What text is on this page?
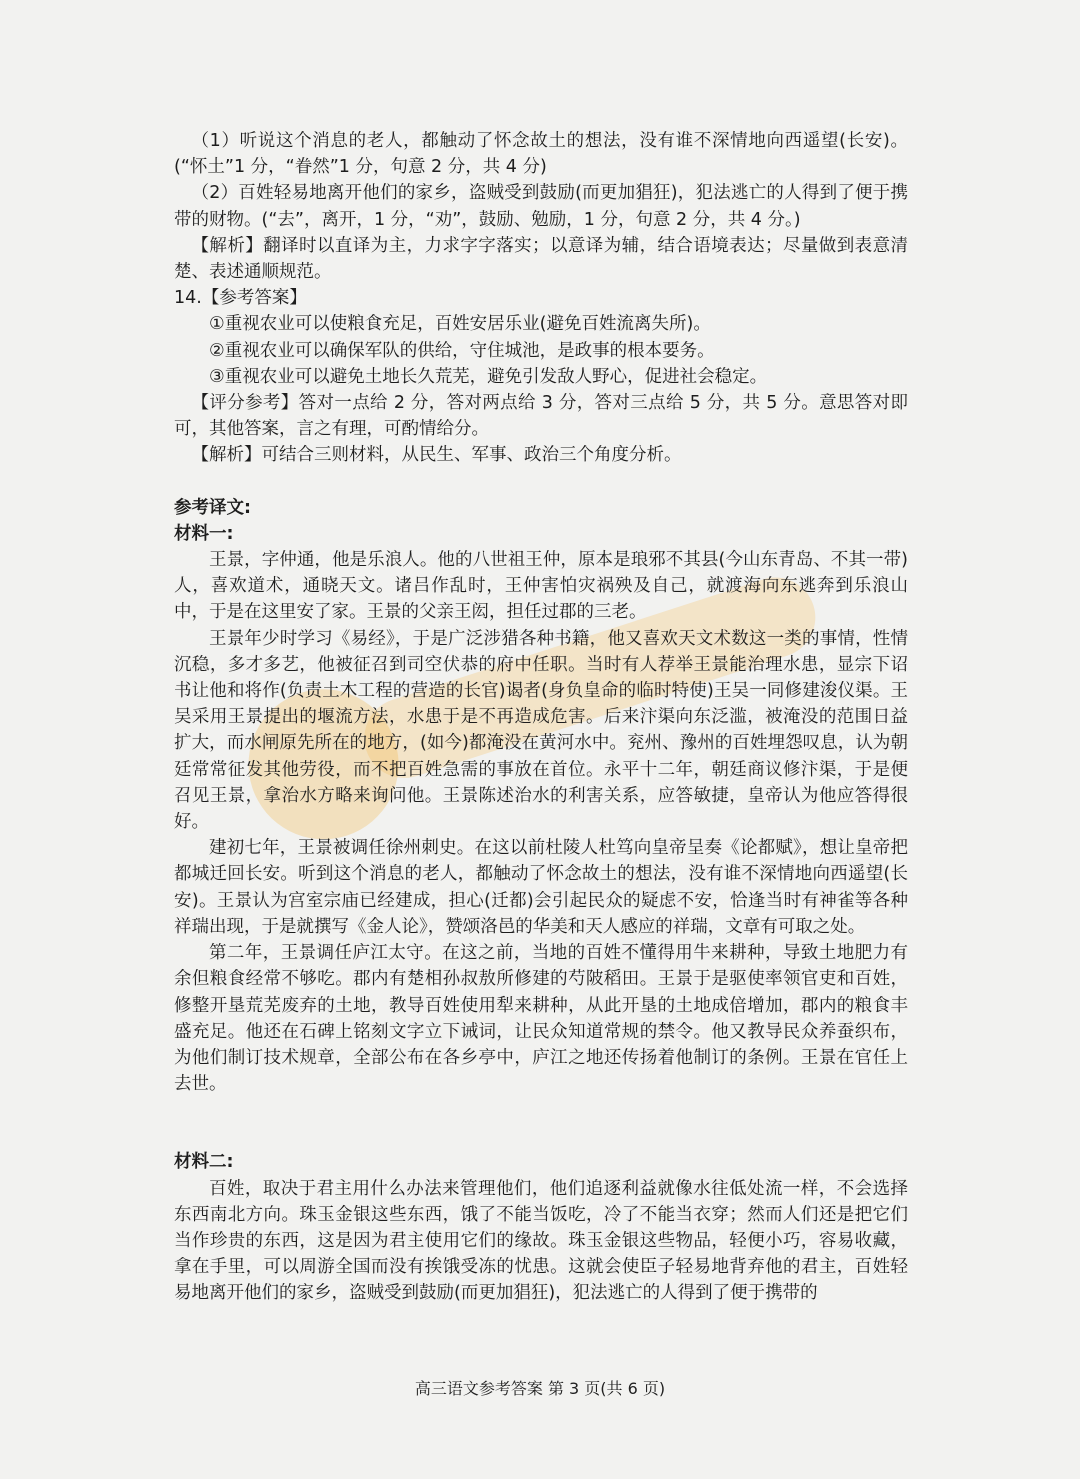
（1）听说这个消息的老人，都触动了怀念故土的想法，没有谁不深情地向西遥望(长安)。(“怀土”1 分，“眷然”1 分，句意 2 分，共 4 分)

（2）百姓轻易地离开他们的家乡，盗贼受到鼓励(而更加猖狂)，犯法逃亡的人得到了便于携带的财物。(“去”，离开，1 分，“劝”，鼓励、勉励，1 分，句意 2 分，共 4 分。)

【解析】翻译时以直译为主，力求字字落实；以意译为辅，结合语境表达；尽量做到表意清楚、表述通顺规范。

14.【参考答案】

①重视农业可以使粮食充足，百姓安居乐业(避免百姓流离失所)。

②重视农业可以确保军队的供给，守住城池，是政事的根本要务。

③重视农业可以避免土地长久荒芜，避免引发敌人野心，促进社会稳定。

【评分参考】答对一点给 2 分，答对两点给 3 分，答对三点给 5 分，共 5 分。意思答对即可，其他答案，言之有理，可酌情给分。

【解析】可结合三则材料，从民生、军事、政治三个角度分析。

参考译文:

材料一:

王景，字仲通，他是乐浪人。他的八世祖王仲，原本是琅邪不其县(今山东青岛、不其一带)人，喜欢道术，通晓天文。诸吕作乱时，王仲害怕灾祸殃及自己，就渡海向东逃奔到乐浪山中，于是在这里安了家。王景的父亲王闳，担任过郡的三老。

王景年少时学习《易经》，于是广泛涉猎各种书籍，他又喜欢天文术数这一类的事情，性情沉稳，多才多艺，他被征召到司空伏恭的府中任职。当时有人荐举王景能治理水患，显宗下诏书让他和将作(负责土木工程的营造的长官)谒者(身负皇命的临时特使)王吴一同修建浚仪渠。王吴采用王景提出的堰流方法，水患于是不再造成危害。后来汴渠向东泛滥，被淹没的范围日益扩大，而水闸原先所在的地方，(如今)都淹没在黄河水中。兖州、豫州的百姓埋怨叹息，认为朝廷常常征发其他劳役，而不把百姓急需的事放在首位。永平十二年，朝廷商议修汴渠，于是便召见王景，拿治水方略来询问他。王景陈述治水的利害关系，应答敏捷，皇帝认为他应答得很好。

建初七年，王景被调任徐州刺史。在这以前杜陵人杜笃向皇帝呈奏《论都赋》，想让皇帝把都城迁回长安。听到这个消息的老人，都触动了怀念故土的想法，没有谁不深情地向西遥望(长安)。王景认为宫室宗庙已经建成，担心(迁都)会引起民众的疑虑不安，恰逢当时有神雀等各种祥瑞出现，于是就撰写《金人论》，赞颂洛邑的华美和天人感应的祥瑞，文章有可取之处。

第二年，王景调任庐江太守。在这之前，当地的百姓不懂得用牛来耕种，导致土地肥力有余但粮食经常不够吃。郡内有楚相孙叔敖所修建的芍陂稻田。王景于是驱使率领官吏和百姓，修整开垦荒芜废弃的土地，教导百姓使用犁来耕种，从此开垦的土地成倍增加，郡内的粮食丰盛充足。他还在石碑上铭刻文字立下诫词，让民众知道常规的禁令。他又教导民众养蚕织布，为他们制订技术规章，全部公布在各乡亭中，庐江之地还传扬着他制订的条例。王景在官任上去世。

材料二:

百姓，取决于君主用什么办法来管理他们，他们追逐利益就像水往低处流一样，不会选择东西南北方向。珠玉金银这些东西，饿了不能当饭吃，冷了不能当衣穿；然而人们还是把它们当作珍贵的东西，这是因为君主使用它们的缘故。珠玉金银这些物品，轻便小巧，容易收藏，拿在手里，可以周游全国而没有挨饿受冻的忧患。这就会使臣子轻易地背弃他的君主，百姓轻易地离开他们的家乡，盗贼受到鼓励(而更加猖狂)，犯法逃亡的人得到了便于携带的

高三语文参考答案 第 3 页(共 6 页)
